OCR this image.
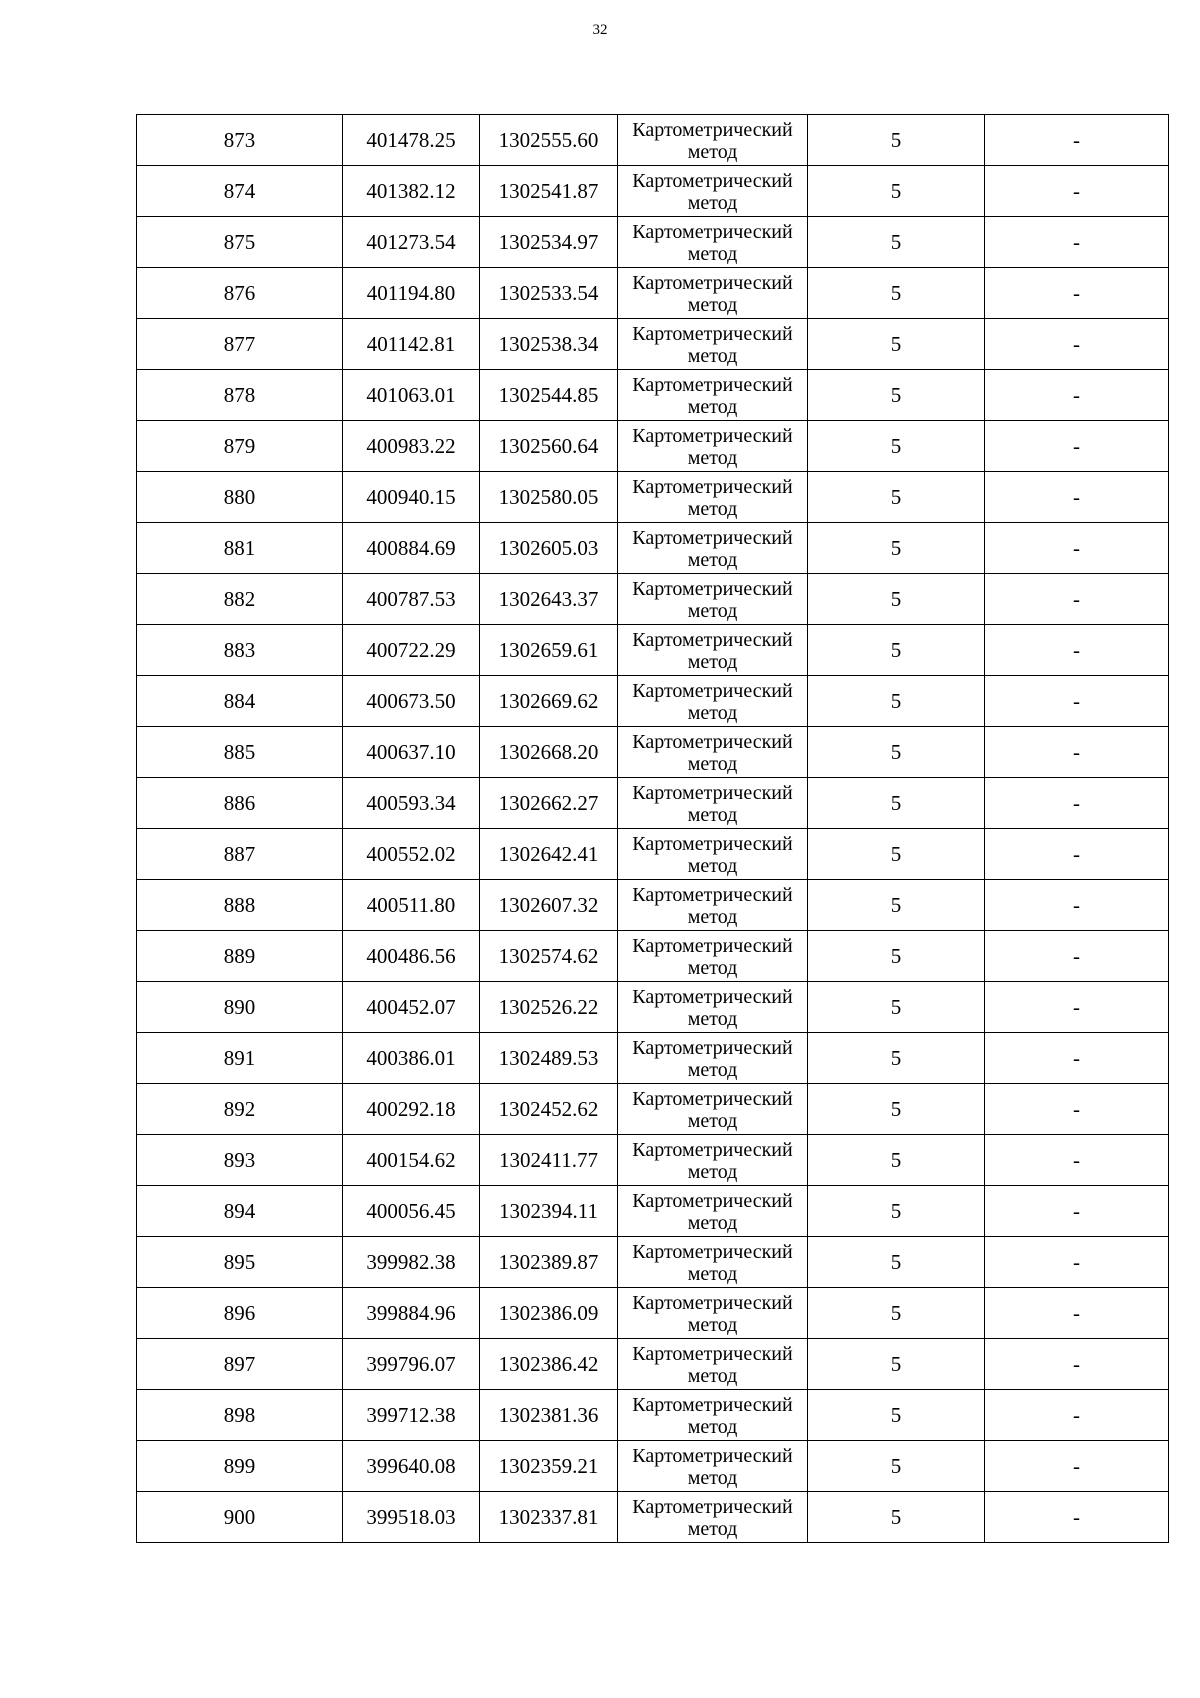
32
873	401478.25	1302555.60	Картометрический
метод	5	-
874	401382.12	1302541.87	Картометрический
метод	5	-
875	401273.54	1302534.97	Картометрический
метод	5	-
876	401194.80	1302533.54	Картометрический
метод	5	-
877	401142.81	1302538.34	Картометрический
метод	5	-
878	401063.01	1302544.85	Картометрический
метод	5	-
879	400983.22	1302560.64	Картометрический
метод	5	-
880	400940.15	1302580.05	Картометрический
метод	5	-
881	400884.69	1302605.03	Картометрический
метод	5	-
882	400787.53	1302643.37	Картометрический
метод	5	-
883	400722.29	1302659.61	Картометрический
метод	5	-
884	400673.50	1302669.62	Картометрический
метод	5	-
885	400637.10	1302668.20	Картометрический
метод	5	-
886	400593.34	1302662.27	Картометрический
метод	5	-
887	400552.02	1302642.41	Картометрический
метод	5	-
888	400511.80	1302607.32	Картометрический
метод	5	-
889	400486.56	1302574.62	Картометрический
метод	5	-
890	400452.07	1302526.22	Картометрический
метод	5	-
891	400386.01	1302489.53	Картометрический
метод	5	-
892	400292.18	1302452.62	Картометрический
метод	5	-
893	400154.62	1302411.77	Картометрический
метод	5	-
894	400056.45	1302394.11	Картометрический
метод	5	-
895	399982.38	1302389.87	Картометрический
метод	5	-
896	399884.96	1302386.09	Картометрический
метод	5	-
897	399796.07	1302386.42	Картометрический
метод	5	-
898	399712.38	1302381.36	Картометрический
метод	5	-
899	399640.08	1302359.21	Картометрический
метод	5	-
900	399518.03	1302337.81	Картометрический
метод	5	-
